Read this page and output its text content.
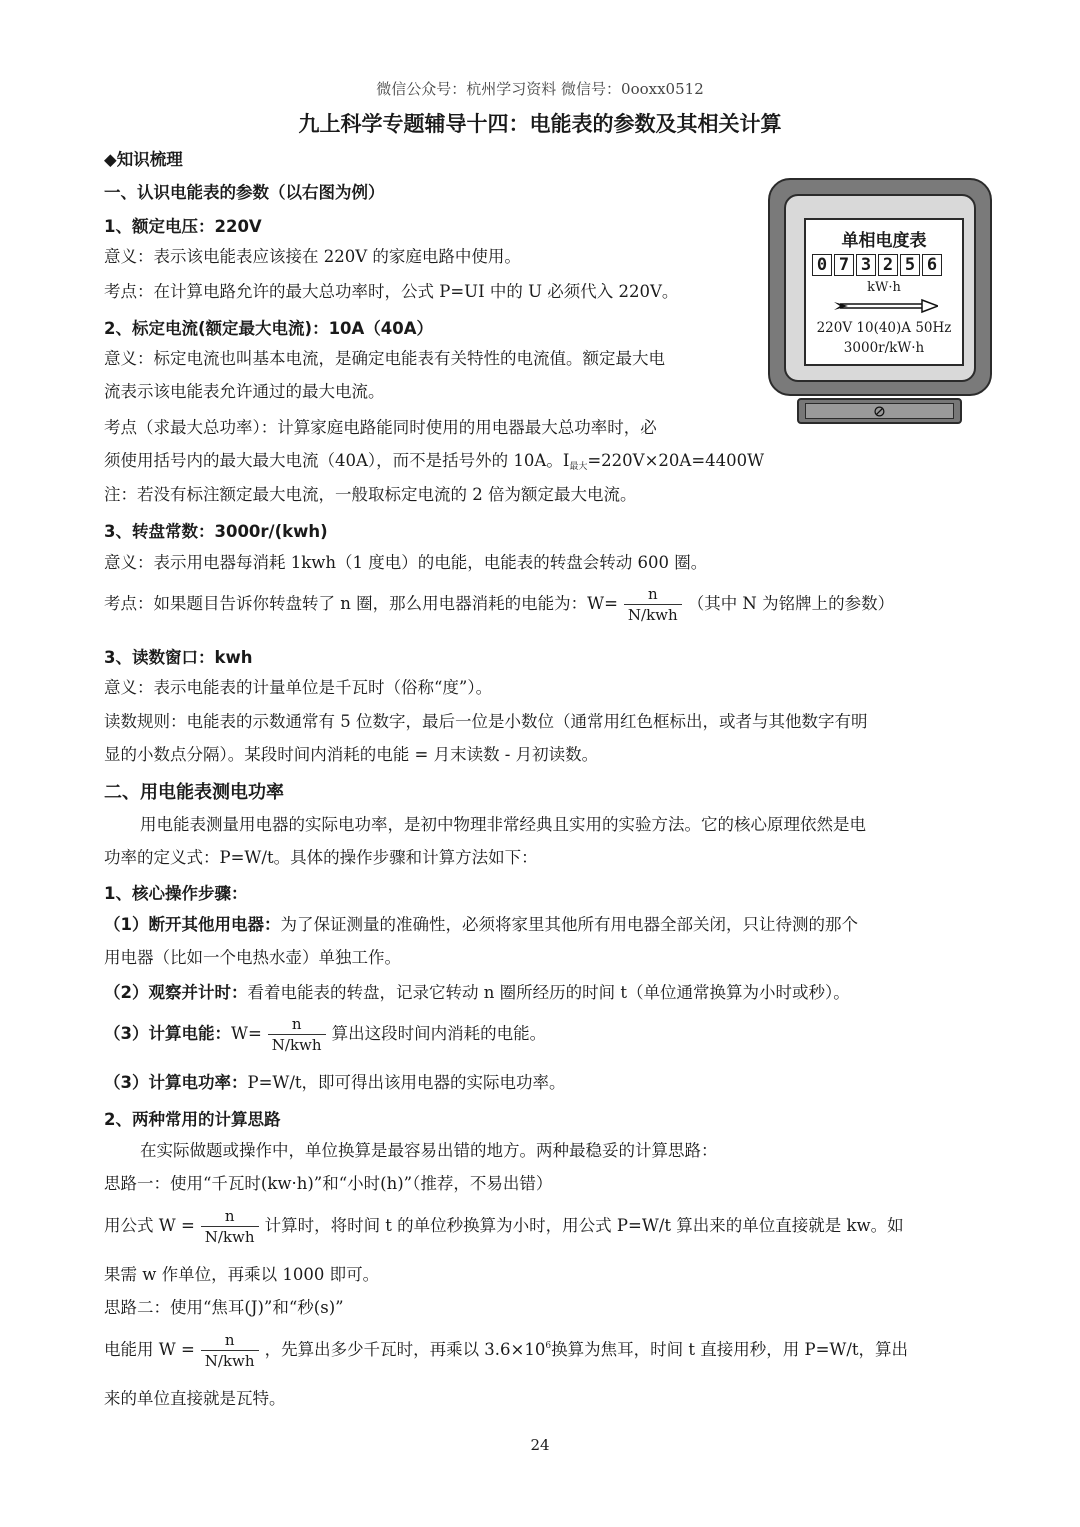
微信公众号：杭州学习资料 微信号：0ooxx0512
九上科学专题辅导十四：电能表的参数及其相关计算
◆知识梳理
一、认识电能表的参数（以右图为例）
1、额定电压：220V
意义：表示该电能表应该接在 220V 的家庭电路中使用。
考点：在计算电路允许的最大总功率时，公式 P=UI 中的 U 必须代入 220V。
2、标定电流(额定最大电流)：10A（40A）
意义：标定电流也叫基本电流，是确定电能表有关特性的电流值。额定最大电
流表示该电能表允许通过的最大电流。
考点（求最大总功率）：计算家庭电路能同时使用的用电器最大总功率时，必
须使用括号内的最大最大电流（40A），而不是括号外的 10A。$I_{最大}=220V\times 20A=4400W$
注：若没有标注额定最大电流，一般取标定电流的 2 倍为额定最大电流。
3、转盘常数：3000r/(kwh)
意义：表示用电器每消耗 1kwh（1 度电）的电能，电能表的转盘会转动 600 圈。
考点：如果题目告诉你转盘转了 n 圈，那么用电器消耗的电能为：$W= \frac{n}{\text{N/kwh}}$ （其中 N 为铭牌上的参数）
3、读数窗口：kwh
意义：表示电能表的计量单位是千瓦时（俗称“度”）。
读数规则：电能表的示数通常有 5 位数字，最后一位是小数位（通常用红色框标出，或者与其他数字有明
显的小数点分隔）。某段时间内消耗的电能 = 月末读数 - 月初读数。
二、用电能表测电功率
用电能表测量用电器的实际电功率，是初中物理非常经典且实用的实验方法。它的核心原理依然是电
功率的定义式：P=W/t。具体的操作步骤和计算方法如下：
1、核心操作步骤：
（1）断开其他用电器：为了保证测量的准确性，必须将家里其他所有用电器全部关闭，只让待测的那个
用电器（比如一个电热水壶）单独工作。
（2）观察并计时：看着电能表的转盘，记录它转动 n 圈所经历的时间 t（单位通常换算为小时或秒）。
（3）计算电能：$W= \frac{n}{\text{N/kwh}}$ 算出这段时间内消耗的电能。
（3）计算电功率：P=W/t，即可得出该用电器的实际电功率。
2、两种常用的计算思路
在实际做题或操作中，单位换算是最容易出错的地方。两种最稳妥的计算思路：
思路一：使用“千瓦时(kw·h)”和“小时(h)”（推荐，不易出错）
用公式 $W = \frac{n}{\text{N/kwh}}$ 计算时，将时间 t 的单位秒换算为小时，用公式 P=W/t 算出来的单位直接就是 kw。如
果需 w 作单位，再乘以 1000 即可。
思路二：使用“焦耳(J)”和“秒(s)”
电能用 $W = \frac{n}{\text{N/kwh}}$ ，先算出多少千瓦时，再乘以 $3.6\times 10^6$换算为焦耳，时间 t 直接用秒，用 P=W/t，算出
来的单位直接就是瓦特。
单相电度表
0 7 3 2 5 6
kW·h
220V 10(40)A 50Hz
3000r/kW·h
⊘
24
